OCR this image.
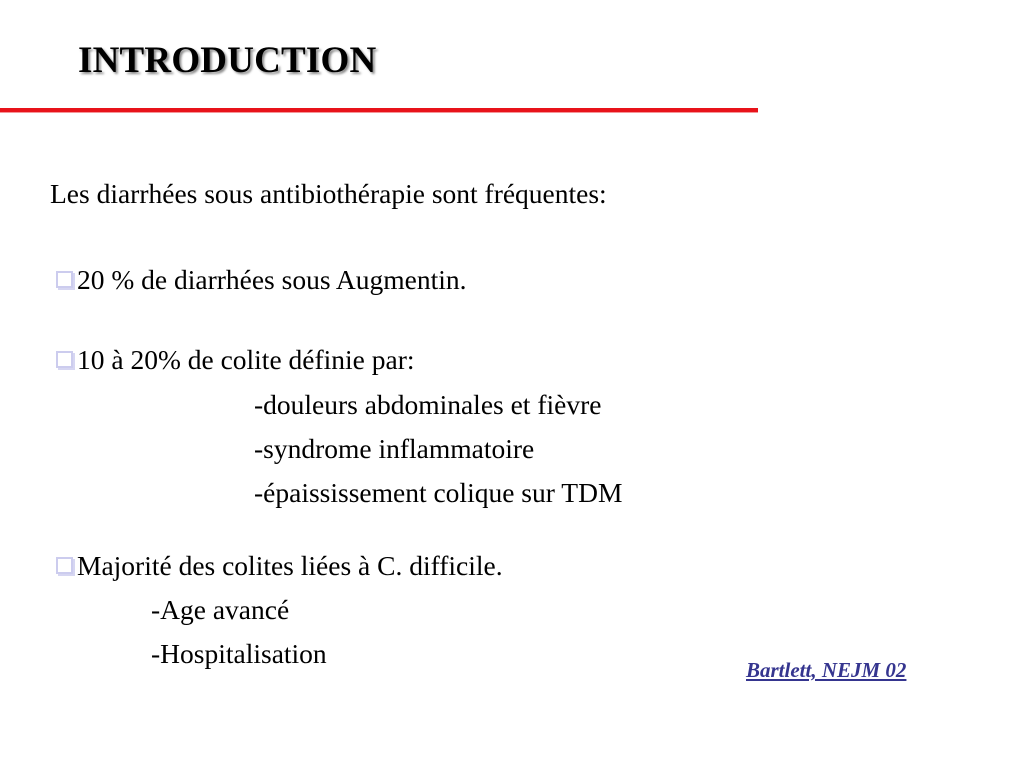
INTRODUCTION
Les diarrhées sous antibiothérapie sont fréquentes:
20 % de diarrhées sous Augmentin.
10 à 20% de colite définie par:
-douleurs abdominales et fièvre
-syndrome inflammatoire
-épaississement colique sur TDM
Majorité des colites liées à C. difficile.
-Age avancé
-Hospitalisation
Bartlett, NEJM 02
